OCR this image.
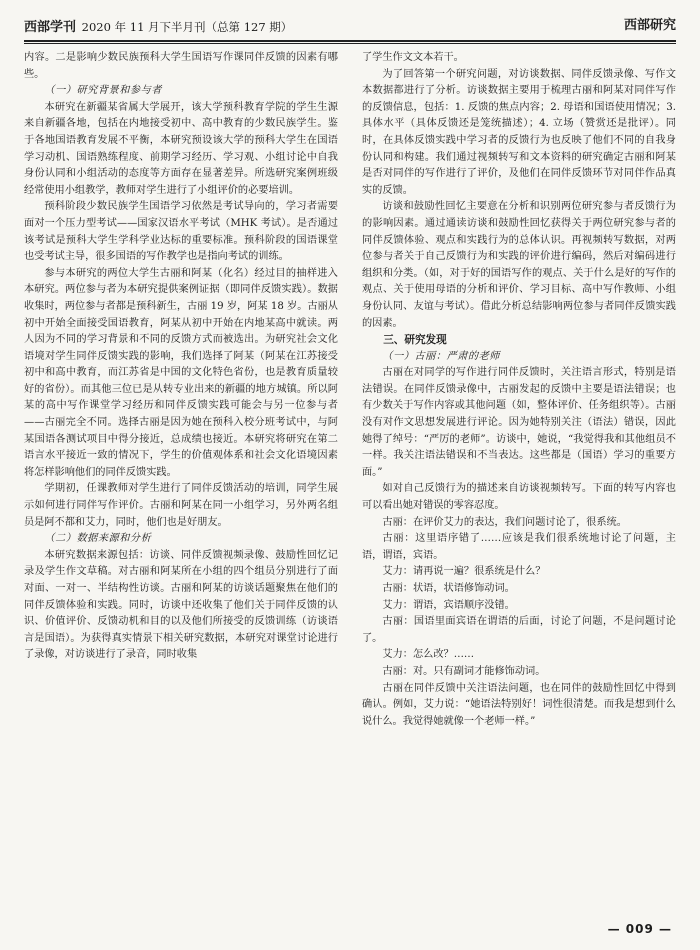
西部学刊 2020 年 11 月下半月刊（总第 127 期）	西部研究

内容。二是影响少数民族预科大学生国语写作课同伴反馈的因素有哪些。

（一）研究背景和参与者

本研究在新疆某省属大学展开，该大学预科教育学院的学生生源来自新疆各地，包括在内地接受初中、高中教育的少数民族学生。鉴于各地国语教育发展不平衡，本研究预设该大学的预科大学生在国语学习动机、国语熟练程度、前期学习经历、学习观、小组讨论中自我身份认同和小组活动的态度等方面存在显著差异。所选研究案例班级经常使用小组教学，教师对学生进行了小组评价的必要培训。

预科阶段少数民族学生国语学习依然是考试导向的，学习者需要面对一个压力型考试——国家汉语水平考试（MHK 考试）。是否通过该考试是预科大学生学科学业达标的重要标准。预科阶段的国语课堂也受考试主导，很多国语的写作教学也是指向考试的训练。

参与本研究的两位大学生古丽和阿某（化名）经过目的抽样进入本研究。两位参与者为本研究提供案例证据（即同伴反馈实践）。数据收集时，两位参与者都是预科新生，古丽 19 岁，阿某 18 岁。古丽从初中开始全面接受国语教育，阿某从初中开始在内地某高中就读。两人因为不同的学习背景和不同的反馈方式而被选出。为研究社会文化语境对学生同伴反馈实践的影响，我们选择了阿某（阿某在江苏接受初中和高中教育，而江苏省是中国的文化特色省份，也是教育质量较好的省份）。而其他三位已是从转专业出来的新疆的地方城镇。所以阿某的高中写作课堂学习经历和同伴反馈实践可能会与另一位参与者——古丽完全不同。选择古丽是因为她在预科入校分班考试中，与阿某国语各测试项目中得分接近，总成绩也接近。本研究将研究在第二语言水平接近一致的情况下，学生的价值观体系和社会文化语境因素将怎样影响他们的同伴反馈实践。

学期初，任课教师对学生进行了同伴反馈活动的培训，同学生展示如何进行同伴写作评价。古丽和阿某在同一小组学习，另外两名组员是阿不都和艾力，同时，他们也是好朋友。

（二）数据来源和分析

本研究数据来源包括：访谈、同伴反馈视频录像、鼓励性回忆记录及学生作文草稿。对古丽和阿某所在小组的四个组员分别进行了面对面、一对一、半结构性访谈。古丽和阿某的访谈话题聚焦在他们的同伴反馈体验和实践。同时，访谈中还收集了他们关于同伴反馈的认识、价值评价、反馈动机和目的以及他们所接受的反馈训练（访谈语言是国语）。为获得真实情景下相关研究数据，本研究对课堂讨论进行了录像，对访谈进行了录音，同时收集

了学生作文文本若干。

为了回答第一个研究问题，对访谈数据、同伴反馈录像、写作文本数据都进行了分析。访谈数据主要用于梳理古丽和阿某对同伴写作的反馈信息，包括：1. 反馈的焦点内容；2. 母语和国语使用情况；3. 具体水平（具体反馈还是笼统描述）；4. 立场（赞赏还是批评）。同时，在具体反馈实践中学习者的反馈行为也反映了他们不同的自我身份认同和构建。我们通过视频转写和文本资料的研究确定古丽和阿某是否对同伴的写作进行了评价，及他们在同伴反馈环节对同伴作品真实的反馈。

访谈和鼓励性回忆主要意在分析和识别两位研究参与者反馈行为的影响因素。通过通读访谈和鼓励性回忆获得关于两位研究参与者的同伴反馈体验、观点和实践行为的总体认识。再视频转写数据，对两位参与者关于自己反馈行为和实践的评价进行编码，然后对编码进行组织和分类。（如，对于好的国语写作的观点、关于什么是好的写作的观点、关于使用母语的分析和评价、学习目标、高中写作教师、小组身份认同、友谊与考试）。借此分析总结影响两位参与者同伴反馈实践的因素。

三、研究发现
（一）古丽：严肃的老师

古丽在对同学的写作进行同伴反馈时，关注语言形式，特别是语法错误。在同伴反馈录像中，古丽发起的反馈中主要是语法错误；也有少数关于写作内容或其他问题（如，整体评价、任务组织等）。古丽没有对作文思想发展进行评论。因为她特别关注（语法）错误，因此她得了绰号：“严厉的老师”。访谈中，她说，“我觉得我和其他组员不一样。我关注语法错误和不当表达。这些都是（国语）学习的重要方面。”

如对自己反馈行为的描述来自访谈视频转写。下面的转写内容也可以看出她对错误的零容忍度。

古丽：在评价艾力的表达，我们问题讨论了，很系统。

古丽：这里语序错了……应该是我们很系统地讨论了问题，主语，谓语，宾语。

艾力：请再说一遍？很系统是什么？

古丽：状语，状语修饰动词。

艾力：谓语，宾语顺序没错。

古丽：国语里面宾语在谓语的后面，讨论了问题，不是问题讨论了。

艾力：怎么改？……

古丽：对。只有副词才能修饰动词。

古丽在同伴反馈中关注语法问题，也在同伴的鼓励性回忆中得到确认。例如，艾力说：“她语法特别好！词性很清楚。而我是想到什么说什么。我觉得她就像一个老师一样。”

— 009 —
